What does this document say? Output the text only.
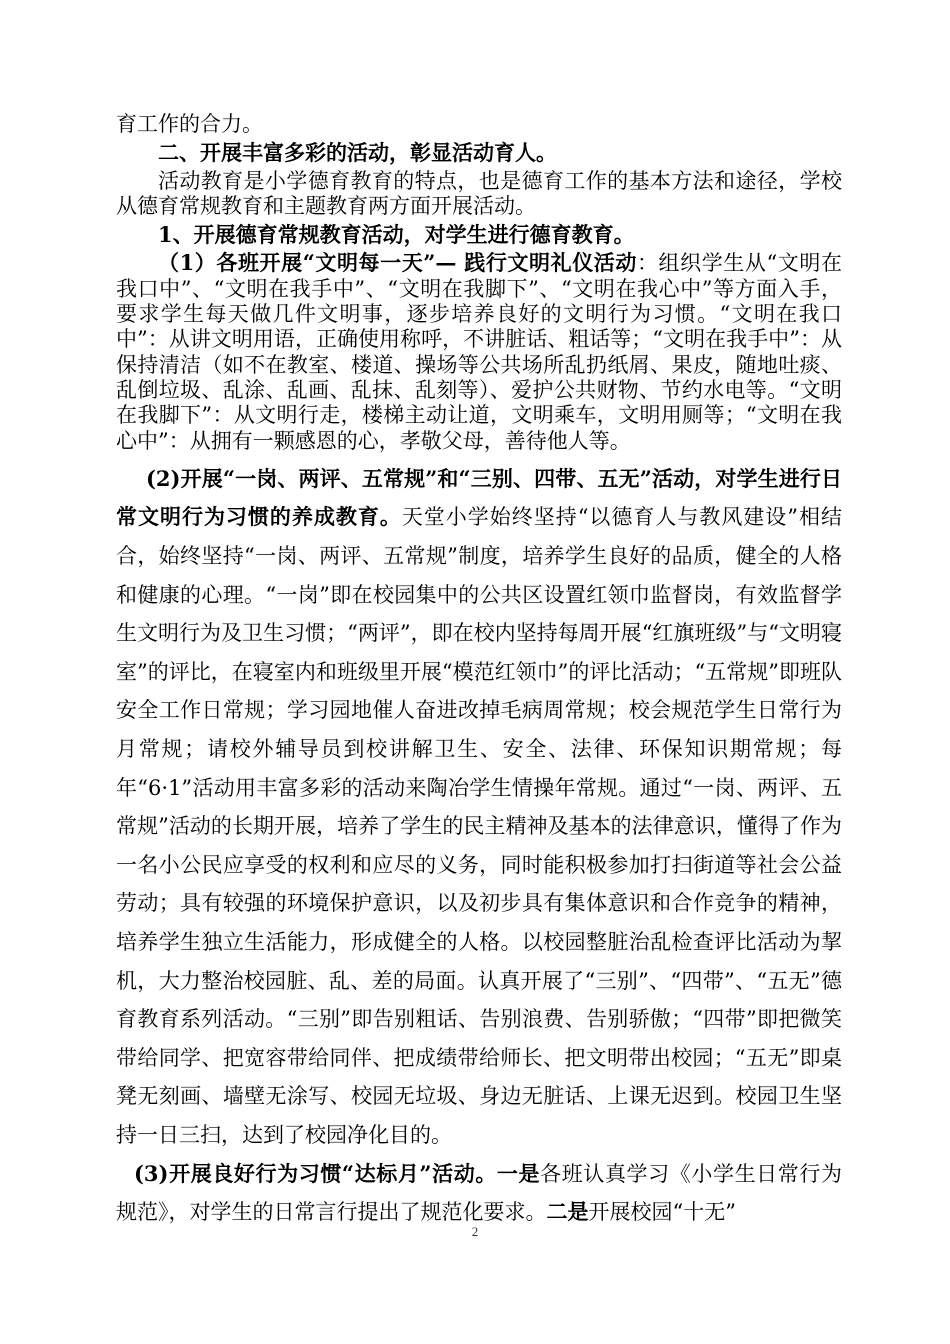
育工作的合力。

二、开展丰富多彩的活动，彰显活动育人。

活动教育是小学德育教育的特点，也是德育工作的基本方法和途径，学校从德育常规教育和主题教育两方面开展活动。

1、开展德育常规教育活动，对学生进行德育教育。

（1）各班开展“文明每一天”— 践行文明礼仪活动：组织学生从“文明在我口中”、“文明在我手中”、“文明在我脚下”、“文明在我心中”等方面入手，要求学生每天做几件文明事，逐步培养良好的文明行为习惯。“文明在我口中”：从讲文明用语，正确使用称呼，不讲脏话、粗话等；“文明在我手中”：从保持清洁（如不在教室、楼道、操场等公共场所乱扔纸屑、果皮，随地吐痰、乱倒垃圾、乱涂、乱画、乱抹、乱刻等）、爱护公共财物、节约水电等。“文明在我脚下”：从文明行走，楼梯主动让道，文明乘车，文明用厕等；“文明在我心中”：从拥有一颗感恩的心，孝敬父母，善待他人等。

(2)开展“一岗、两评、五常规”和“三别、四带、五无”活动，对学生进行日常文明行为习惯的养成教育。天堂小学始终坚持“以德育人与教风建设”相结合，始终坚持“一岗、两评、五常规”制度，培养学生良好的品质，健全的人格和健康的心理。“一岗”即在校园集中的公共区设置红领巾监督岗，有效监督学生文明行为及卫生习惯；“两评”，即在校内坚持每周开展“红旗班级”与“文明寝室”的评比，在寝室内和班级里开展“模范红领巾”的评比活动；“五常规”即班队安全工作日常规；学习园地催人奋进改掉毛病周常规；校会规范学生日常行为月常规；请校外辅导员到校讲解卫生、安全、法律、环保知识期常规；每年“6·1”活动用丰富多彩的活动来陶冶学生情操年常规。通过“一岗、两评、五常规”活动的长期开展，培养了学生的民主精神及基本的法律意识，懂得了作为一名小公民应享受的权利和应尽的义务，同时能积极参加打扫街道等社会公益劳动；具有较强的环境保护意识，以及初步具有集体意识和合作竞争的精神，培养学生独立生活能力，形成健全的人格。以校园整脏治乱检查评比活动为挈机，大力整治校园脏、乱、差的局面。认真开展了“三别”、“四带”、“五无”德育教育系列活动。“三别”即告别粗话、告别浪费、告别骄傲；“四带”即把微笑带给同学、把宽容带给同伴、把成绩带给师长、把文明带出校园；“五无”即桌凳无刻画、墙壁无涂写、校园无垃圾、身边无脏话、上课无迟到。校园卫生坚持一日三扫，达到了校园净化目的。

(3)开展良好行为习惯“达标月”活动。一是各班认真学习《小学生日常行为规范》，对学生的日常言行提出了规范化要求。二是开展校园“十无”

2
